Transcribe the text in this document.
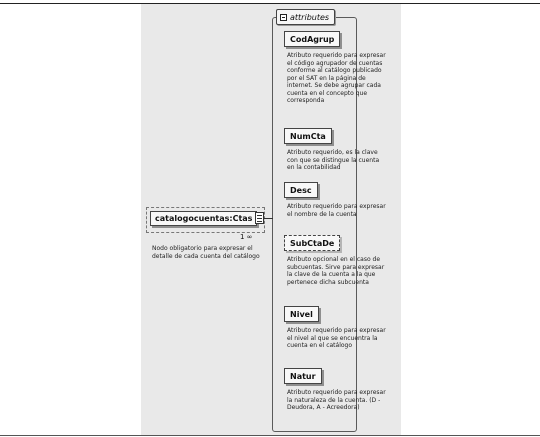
attributes
CodAgrup
Atributo requerido para expresar el código agrupador de cuentas conforme al catálogo publicado por el SAT en la página de internet. Se debe agrupar cada cuenta en el concepto que corresponda
NumCta
Atributo requerido, es la clave con que se distingue la cuenta en la contabilidad
Desc
Atributo requerido para expresar el nombre de la cuenta
SubCtaDe
Atributo opcional en el caso de subcuentas. Sirve para expresar la clave de la cuenta a la que pertenece dicha subcuenta
Nivel
Atributo requerido para expresar el nivel al que se encuentra la cuenta en el catálogo
Natur
Atributo requerido para expresar la naturaleza de la cuenta. (D - Deudora, A - Acreedora)
catalogocuentas:Ctas
1 ∞
Nodo obligatorio para expresar el detalle de cada cuenta del catálogo
